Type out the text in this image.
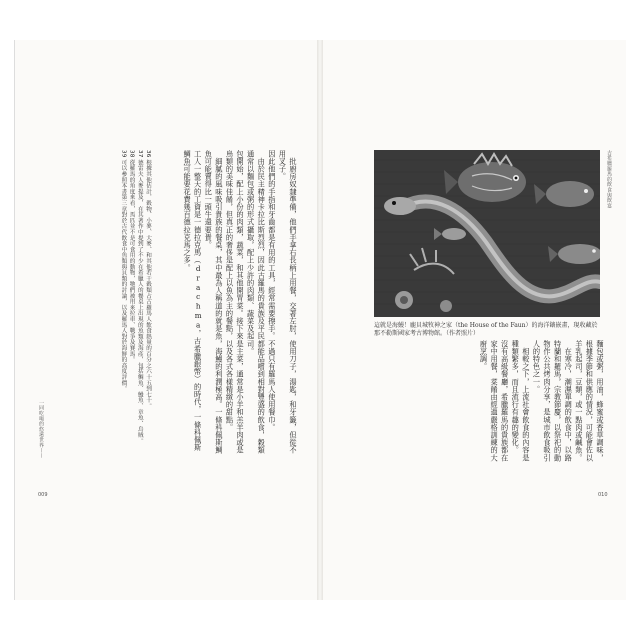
批廚房奴隸準備，他們手拿右長柄上用餐，交著左肘，使用刀子，湯匙，和牙籤，但從不用叉子。

因此他們的手指和牙齒都是有用的工具，經常需要擦手。不過只有羅馬人使用餐巾。

由於民主精神卡拉比斯烈烈，因此古羅馬的貴族及平民都能品嚐到相對豐盛的飲食，穀類通常以麵包或粥的形式攝取，配上少許的肉類、蔬菜及起司。

包開始，配上小份的肉類，蔬菜，和其他開胃菜。接下來是主菜，通常是小羊和羔羊肉或是鳥類的美味佳餚，但真正的奢侈是配上以魚為主的餐點，以及各式各樣精緻的甜點。

細膩的風味吸引貴族的餐桌，其中最為人稱道的就是魚，海鰻的利潤極高。一條科佩斯鯛魚可能賣得比一頭牛還要貴。

工人一整天的工資是一德拉克馬（drachma，古希臘銀幣）的時代，一條科佩斯鯛魚可能要花費幾百德拉克馬之多。

36 根據其他估計，穀物、小麥、大麥、和其他若干穀類占古羅馬人飲食熱量的百分之六十五到七十。

37 德雷夫人麥提及，在其著作中提到了不少在希臘人的餐桌上出現的魚類及海產，包括鯛魚、鰻魚、章魚、烏賊。

38 從羅馬的角度來看，馬匹並不是可食用的動物，牠們被用來拉車、戰爭及賽馬。

39 可以參照本書第三章對於古代飲食中魚類與貝類的討論，以及羅馬人對於海鮮的高度評價。

一同吃喝的悠遠世界——
009

麵包或粥，用油，蜂蜜或香草調味，根據季節和供應的情況，可能會佐以羊乳起司，豆類，或一點肉或鹹魚。

在寒冷，潮濕單調的飲食中，以路特蘭和羅馬，宗教節慶，以祭祀的動物作公共烤肉分享，是城市飲食吸引人的特色之一。

相較之下，上流社會飲食的內容是種類繁多，而且流行有趣的變化。

沒有高級餐廳，希臘羅馬的貴族都在家中用餐，菜餚由經過嚴格訓練的大廚烹調。

這就是海鰻！龐貝城牧神之家（the House of the Faun）的海洋鑲嵌畫，現收藏於那不勒斯國家考古博物館。（作者照片）
古希臘羅馬的飲食與飲宴
010
